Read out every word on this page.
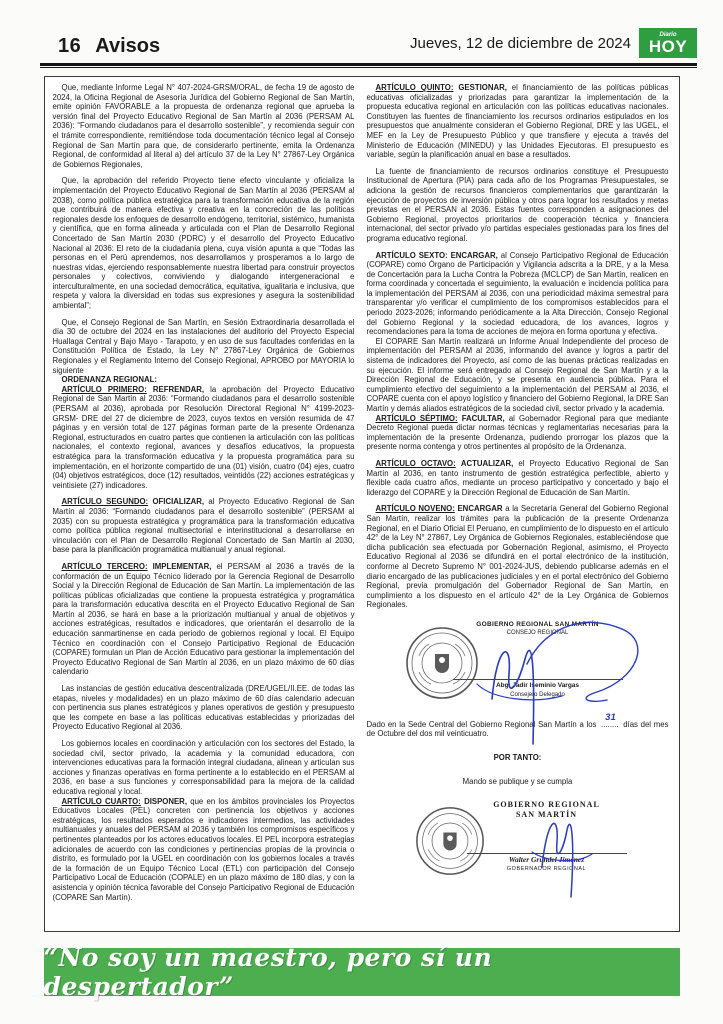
16 Avisos	Jueves, 12 de diciembre de 2024	Diario
HOY

Que, mediante Informe Legal N° 407-2024-GRSM/ORAL, de fecha 19 de agosto de 2024, la Oficina Regional de Asesoría Jurídica del Gobierno Regional de San Martín, emite opinión FAVORABLE a la propuesta de ordenanza regional que aprueba la versión final del Proyecto Educativo Regional de San Martín al 2036 (PERSAM AL 2036): “Formando ciudadanos para el desarrollo sostenible”, y recomienda seguir con el trámite correspondiente, remitiéndose toda documentación técnico legal al Consejo Regional de San Martín para que, de considerarlo pertinente, emita la Ordenanza Regional, de conformidad al literal a) del artículo 37 de la Ley N° 27867-Ley Orgánica de Gobiernos Regionales,

Que, la aprobación del referido Proyecto tiene efecto vinculante y oficializa la implementación del Proyecto Educativo Regional de San Martín al 2036 (PERSAM al 2038), como política pública estratégica para la transformación educativa de la región que contribuirá de manera efectiva y creativa en la concreción de las políticas regionales desde los enfoques de desarrollo endógeno, territorial, sistémico, humanista y científica, que en forma alineada y articulada con el Plan de Desarrollo Regional Concertado de San Martín 2030 (PDRC) y el desarrollo del Proyecto Educativo Nacional al 2036: El reto de la ciudadanía plena, cuya visión apunta a que “Todas las personas en el Perú aprendemos, nos desarrollamos y prosperamos a lo largo de nuestras vidas, ejerciendo responsablemente nuestra libertad para construir proyectos personales y colectivos, conviviendo y dialogando intergeneracional e interculturalmente, en una sociedad democrática, equitativa, igualitaria e inclusiva, que respeta y valora la diversidad en todas sus expresiones y asegura la sostenibilidad ambiental”;

Que, el Consejo Regional de San Martín, en Sesión Extraordinaria desarrollada el día 30 de octubre del 2024 en las instalaciones del auditorio del Proyecto Especial Huallaga Central y Bajo Mayo - Tarapoto, y en uso de sus facultades conferidas en la Constitución Política de Estado, la Ley N° 27867-Ley Orgánica de Gobiernos Regionales y el Reglamento Interno del Consejo Regional, APROBO por MAYORIA lo siguiente

ORDENANZA REGIONAL:

ARTÍCULO PRIMERO: REFRENDAR, la aprobación del Proyecto Educativo Regional de San Martín al 2036: “Formando ciudadanos para el desarrollo sostenible (PERSAM al 2036), aprobada por Resolución Directoral Regional N° 4199-2023-GRSM- DRE del 27 de diciembre de 2023, cuyos textos en versión resumida de 47 páginas y en versión total de 127 páginas forman parte de la presente Ordenanza Regional, estructurados en cuatro partes que contienen la articulación con las políticas nacionales, el contexto regional, avances y desafíos educativos, la propuesta estratégica para la transformación educativa y la propuesta programática para su implementación, en el horizonte compartido de una (01) visión, cuatro (04) ejes, cuatro (04) objetivos estratégicos, doce (12) resultados, veintidós (22) acciones estratégicas y veintisiete (27) indicadores.

ARTÍCULO SEGUNDO: OFICIALIZAR, al Proyecto Educativo Regional de San Martín al 2036: “Formando ciudadanos para el desarrollo sostenible” (PERSAM al 2035) con su propuesta estratégica y programática para la transformación educativa como política pública regional multisectorial e interinstitucional a desarrollarse en vinculación con el Plan de Desarrollo Regional Concertado de San Martín al 2030, base para la planificación programática multianual y anual regional.

ARTÍCULO TERCERO: IMPLEMENTAR, el PERSAM al 2036 a través de la conformación de un Equipo Técnico liderado por la Gerencia Regional de Desarrollo Social y la Dirección Regional de Educación de San Martín. La implementación de las políticas públicas oficializadas que contiene la propuesta estratégica y programática para la transformación educativa descrita en el Proyecto Educativo Regional de San Martín al 2036, se hará en base a la priorización multianual y anual de objetivos y acciones estratégicas, resultados e indicadores, que orientarán el desarrollo de la educación sanmartinense en cada periodo de gobiernos regional y local. El Equipo Técnico en coordinación con el Consejo Participativo Regional de Educación (COPARE) formulan un Plan de Acción Educativo para gestionar la implementación del Proyecto Educativo Regional de San Martín al 2036, en un plazo máximo de 60 días calendario

Las instancias de gestión educativa descentralizada (DRE/UGEL/II.EE. de todas las etapas, niveles y modalidades) en un plazo máximo de 60 días calendario adecuan con pertinencia sus planes estratégicos y planes operativos de gestión y presupuesto que les compete en base a las políticas educativas establecidas y priorizadas del Proyecto Educativo Regional al 2036.

Los gobiernos locales en coordinación y articulación con los sectores del Estado, la sociedad civil, sector privado, la academia y la comunidad educadora, con intervenciones educativas para la formación integral ciudadana, alinean y articulan sus acciones y finanzas operativas en forma pertinente a lo establecido en el PERSAM al 2036, en base a sus funciones y corresponsabilidad para la mejora de la calidad educativa regional y local.

ARTÍCULO CUARTO: DISPONER, que en los ámbitos provinciales los Proyectos Educativos Locales (PEL) concreten con pertinencia los objetivos y acciones estratégicas, los resultados esperados e indicadores intermedios, las actividades multianuales y anuales del PERSAM al 2036 y también los compromisos específicos y pertinentes planteados por los actores educativos locales. El PEL incorpora estrategias adicionales de acuerdo con las condiciones y pertinencias propias de la provincia o distrito, es formulado por la UGEL en coordinación con los gobiernos locales a través de la formación de un Equipo Técnico Local (ETL) con participación del Consejo Participativo Local de Educación (COPALE) en un plazo máximo de 180 días, y con la asistencia y opinión técnica favorable del Consejo Participativo Regional de Educación (COPARE San Martín).

ARTÍCULO QUINTO: GESTIONAR, el financiamiento de las políticas públicas educativas oficializadas y priorizadas para garantizar la implementación de la propuesta educativa regional en articulación con las políticas educativas nacionales. Constituyen las fuentes de financiamiento los recursos ordinarios estipulados en los presupuestos que anualmente consideran el Gobierno Regional, DRE y las UGEL, el MEF en la Ley de Presupuesto Público y que transfiere y ejecuta a través del Ministerio de Educación (MINEDU) y las Unidades Ejecutoras. El presupuesto es variable, según la planificación anual en base a resultados.

La fuente de financiamiento de recursos ordinarios constituye el Presupuesto Institucional de Apertura (PIA) para cada año de los Programas Presupuestales, se adiciona la gestión de recursos financieros complementarios que garantizarán la ejecución de proyectos de inversión pública y otros para lograr los resultados y metas previstas en el PERSAN al 2036. Estas fuentes corresponden a asignaciones del Gobierno Regional, proyectos prioritarios de cooperación técnica y financiera internacional, del sector privado y/o partidas especiales gestionadas para los fines del programa educativo regional.

ARTÍCULO SEXTO: ENCARGAR, al Consejo Participativo Regional de Educación (COPARE) como Órgano de Participación y Vigilancia adscrita a la DRE, y a la Mesa de Concertación para la Lucha Contra la Pobreza (MCLCP) de San Martín, realicen en forma coordinada y concertada el seguimiento, la evaluación e incidencia política para la implementación del PERSAM al 2036, con una periodicidad máxima semestral para transparentar y/o verificar el cumplimiento de los compromisos establecidos para el periodo 2023-2026; informando periódicamente a la Alta Dirección, Consejo Regional del Gobierno Regional y la sociedad educadora, de los avances, logros y recomendaciones para la toma de acciones de mejora en forma oportuna y efectiva.

El COPARE San Martín realizará un Informe Anual Independiente del proceso de implementación del PERSAM al 2036, informando del avance y logros a partir del sistema de indicadores del Proyecto, así como de las buenas prácticas realizadas en su ejecución. El informe será entregado al Consejo Regional de San Martín y a la Dirección Regional de Educación, y se presenta en audiencia pública. Para el cumplimiento efectivo del seguimiento a la implementación del PERSAM al 2036, el COPARE cuenta con el apoyo logístico y financiero del Gobierno Regional, la DRE San Martín y demás aliados estratégicos de la sociedad civil, sector privado y la academia.

ARTÍCULO SÉPTIMO: FACULTAR, al Gobernador Regional para que mediante Decreto Regional pueda dictar normas técnicas y reglamentarias necesarias para la implementación de la presente Ordenanza, pudiendo prorrogar los plazos que la presente norma contenga y otros pertinentes al propósito de la Ordenanza.

ARTÍCULO OCTAVO: ACTUALIZAR, el Proyecto Educativo Regional de San Martín al 2036, en tanto instrumento de gestión estratégica perfectible, abierto y flexible cada cuatro años, mediante un proceso participativo y concertado y bajo el liderazgo del COPARE y la Dirección Regional de Educación de San Martín.

ARTÍCULO NOVENO: ENCARGAR a la Secretaría General del Gobierno Regional San Martín, realizar los trámites para la publicación de la presente Ordenanza Regional, en el Diario Oficial El Peruano, en cumplimiento de lo dispuesto en el artículo 42° de la Ley N° 27867, Ley Orgánica de Gobiernos Regionales, estableciéndose que dicha publicación sea efectuada por Gobernación Regional, asimismo, el Proyecto Educativo Regional al 2036 se difundirá en el portal electrónico de la institución, conforme al Decreto Supremo N° 001-2024-JUS, debiendo publicarse además en el diario encargado de las publicaciones judiciales y en el portal electrónico del Gobierno Regional, previa promulgación del Gobernador Regional de San Martín, en cumplimiento a los dispuesto en el artículo 42° de la Ley Orgánica de Gobiernos Regionales.

GOBIERNO REGIONAL SAN MARTÍN
CONSEJO REGIONAL
Abg. Jadir Iseminio Vargas
Consejero Delegado

Dado en la Sede Central del Gobierno Regional San Martín a los ........
31
días del mes de Octubre del dos mil veinticuatro.

POR TANTO:

Mando se publique y se cumpla

GOBIERNO REGIONAL
SAN MARTÍN
Walter Grundel Jiménez
GOBERNADOR REGIONAL
“No soy un maestro, pero sí un despertador”
